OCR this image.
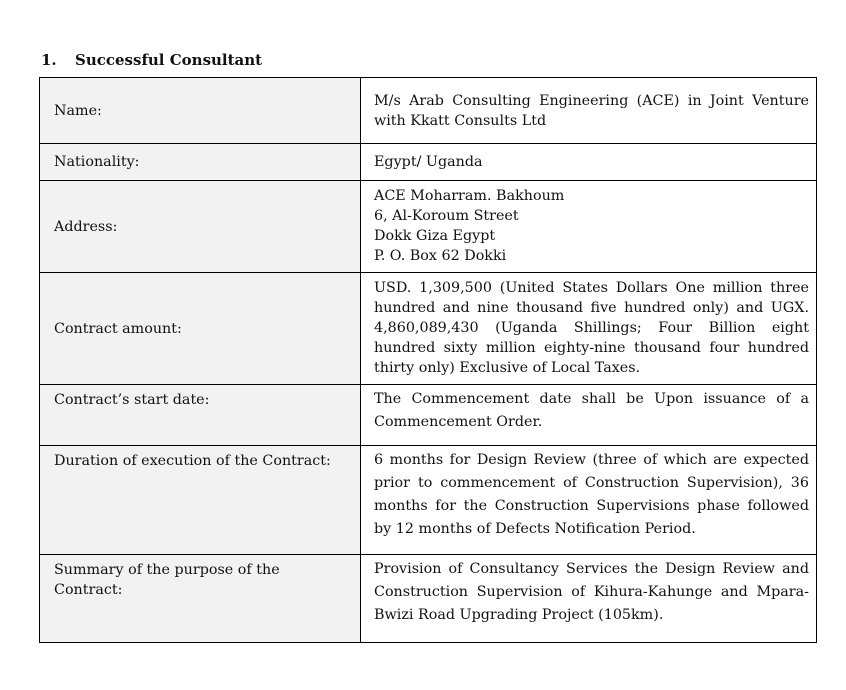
1. Successful Consultant
Name:	M/s Arab Consulting Engineering (ACE) in Joint Venture with Kkatt Consults Ltd

Nationality:	Egypt/ Uganda
Address:	ACE Moharram. Bakhoum
6, Al-Koroum Street
Dokk Giza Egypt
P. O. Box 62 Dokki

Contract amount:	USD. 1,309,500 (United States Dollars One million three hundred and nine thousand five hundred only) and UGX. 4,860,089,430 (Uganda Shillings; Four Billion eight hundred sixty million eighty-nine thousand four hundred thirty only) Exclusive of Local Taxes.

Contract’s start date:	The Commencement date shall be Upon issuance of a Commencement Order.

Duration of execution of the Contract:	6 months for Design Review (three of which are expected prior to commencement of Construction Supervision), 36 months for the Construction Supervisions phase followed by 12 months of Defects Notification Period.

Summary of the purpose of the Contract:	Provision of Consultancy Services the Design Review and Construction Supervision of Kihura-Kahunge and Mpara-Bwizi Road Upgrading Project (105km).
